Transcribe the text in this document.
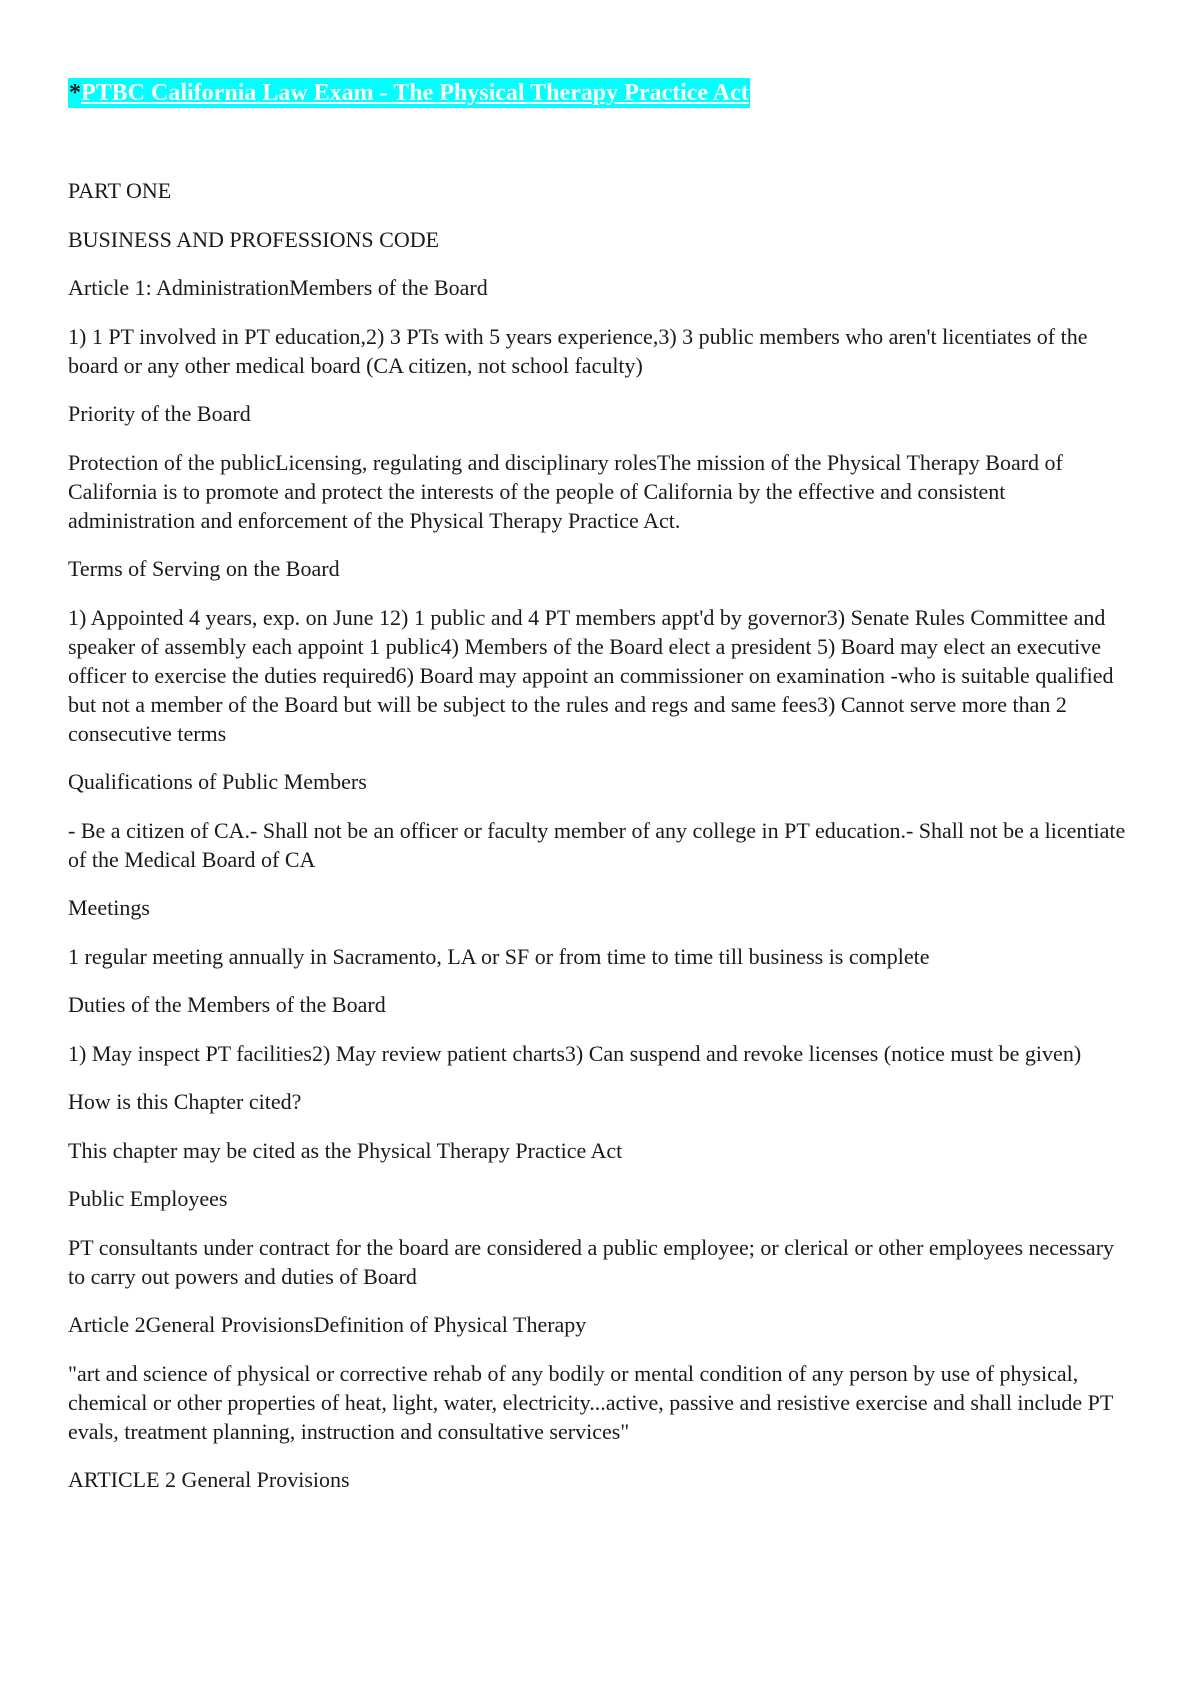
*PTBC California Law Exam - The Physical Therapy Practice Act

PART ONE

BUSINESS AND PROFESSIONS CODE

Article 1: AdministrationMembers of the Board

1) 1 PT involved in PT education,2) 3 PTs with 5 years experience,3) 3 public members who aren't licentiates of the board or any other medical board (CA citizen, not school faculty)

Priority of the Board

Protection of the publicLicensing, regulating and disciplinary rolesThe mission of the Physical Therapy Board of California is to promote and protect the interests of the people of California by the effective and consistent administration and enforcement of the Physical Therapy Practice Act.

Terms of Serving on the Board

1) Appointed 4 years, exp. on June 12) 1 public and 4 PT members appt'd by governor3) Senate Rules Committee and speaker of assembly each appoint 1 public4) Members of the Board elect a president 5) Board may elect an executive officer to exercise the duties required6) Board may appoint an commissioner on examination -who is suitable qualified but not a member of the Board but will be subject to the rules and regs and same fees3) Cannot serve more than 2 consecutive terms

Qualifications of Public Members

- Be a citizen of CA.- Shall not be an officer or faculty member of any college in PT education.- Shall not be a licentiate of the Medical Board of CA

Meetings

1 regular meeting annually in Sacramento, LA or SF or from time to time till business is complete

Duties of the Members of the Board

1) May inspect PT facilities2) May review patient charts3) Can suspend and revoke licenses (notice must be given)

How is this Chapter cited?

This chapter may be cited as the Physical Therapy Practice Act

Public Employees

PT consultants under contract for the board are considered a public employee; or clerical or other employees necessary to carry out powers and duties of Board

Article 2General ProvisionsDefinition of Physical Therapy

"art and science of physical or corrective rehab of any bodily or mental condition of any person by use of physical, chemical or other properties of heat, light, water, electricity...active, passive and resistive exercise and shall include PT evals, treatment planning, instruction and consultative services"

ARTICLE 2 General Provisions
